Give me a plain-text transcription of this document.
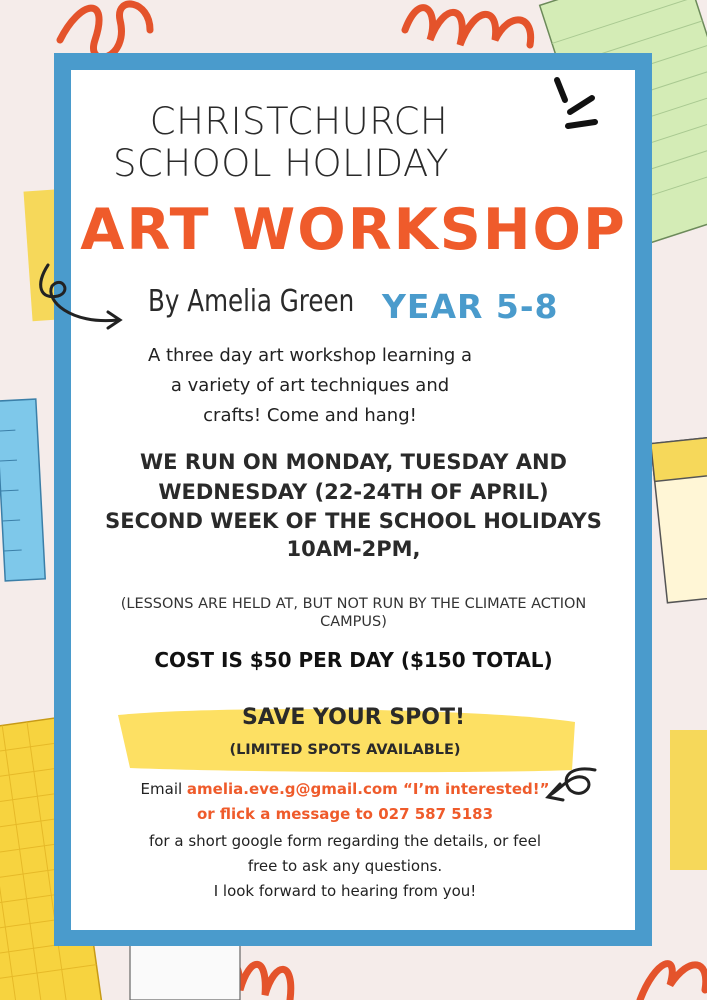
CHRISTCHURCH
SCHOOL HOLIDAY
ART WORKSHOP
By Amelia Green YEAR 5-8
A three day art workshop learning a
a variety of art techniques and
crafts! Come and hang!
WE RUN ON MONDAY, TUESDAY AND
WEDNESDAY (22-24TH OF APRIL)
SECOND WEEK OF THE SCHOOL HOLIDAYS
10AM-2PM,
(LESSONS ARE HELD AT, BUT NOT RUN BY THE CLIMATE ACTION
CAMPUS)
COST IS $50 PER DAY ($150 TOTAL)
SAVE YOUR SPOT!
(LIMITED SPOTS AVAILABLE)
Email amelia.eve.g@gmail.com “I’m interested!”
or flick a message to 027 587 5183
for a short google form regarding the details, or feel
free to ask any questions.
I look forward to hearing from you!
